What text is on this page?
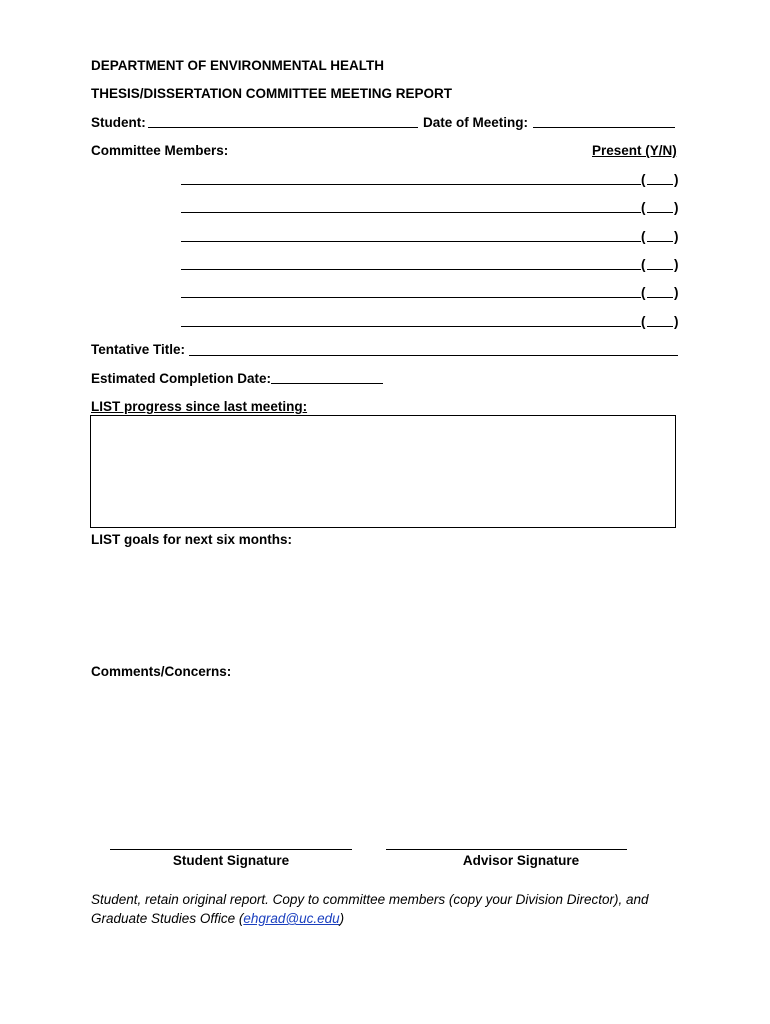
DEPARTMENT OF ENVIRONMENTAL HEALTH
THESIS/DISSERTATION COMMITTEE MEETING REPORT
Student:	Date of Meeting:
Committee Members:	Present (Y/N)
( )
( )
( )
( )
( )
( )
Tentative Title:
Estimated Completion Date:
LIST progress since last meeting:
LIST goals for next six months:
Comments/Concerns:
Student Signature	Advisor Signature
Student, retain original report. Copy to committee members (copy your Division Director), and
Graduate Studies Office (ehgrad@uc.edu)
